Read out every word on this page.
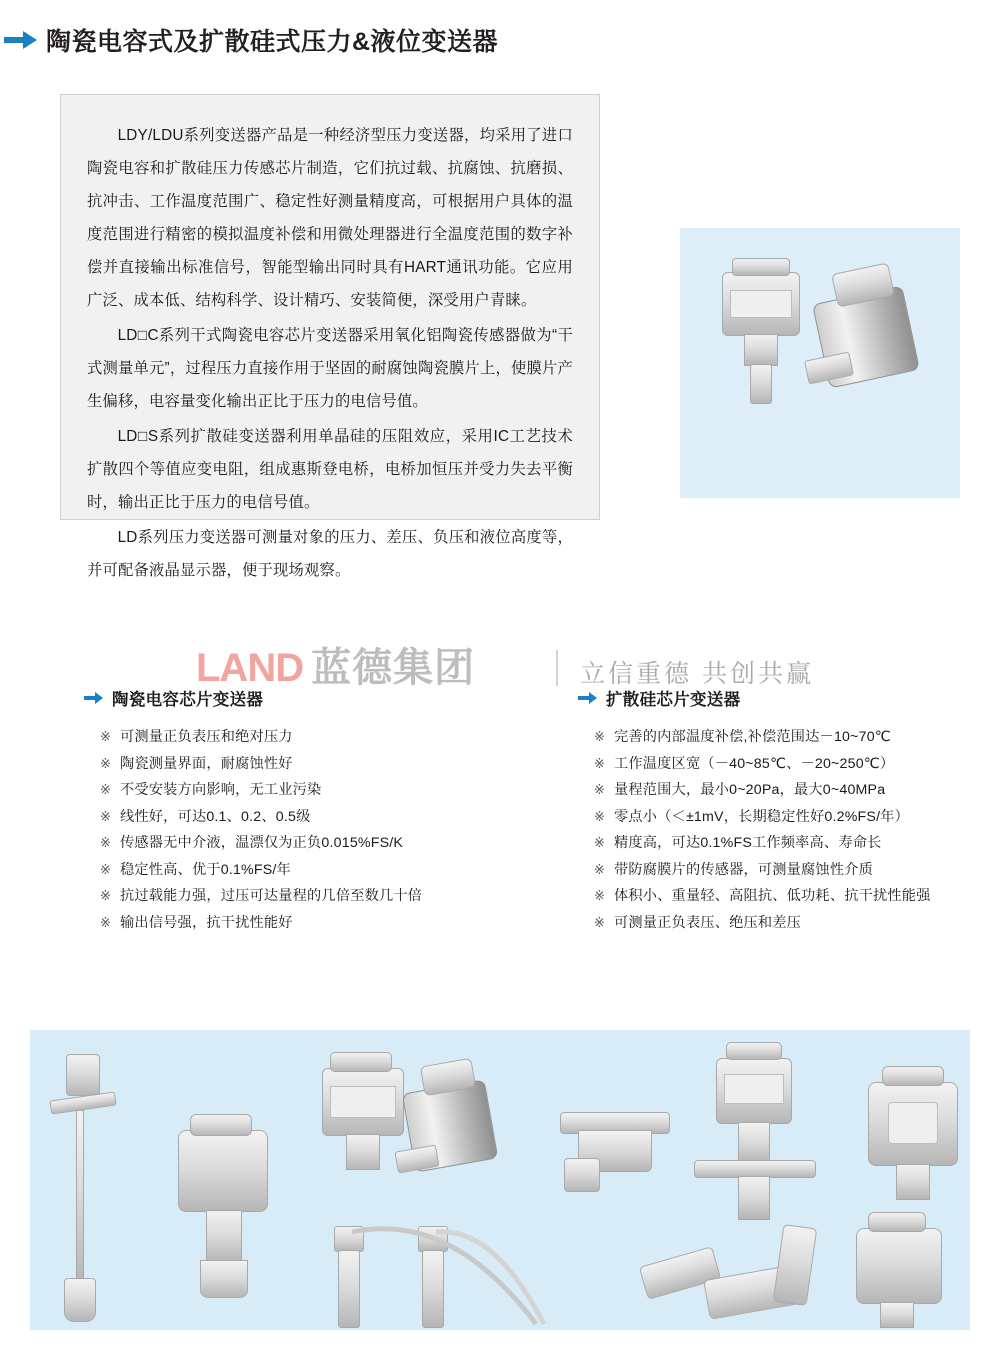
陶瓷电容式及扩散硅式压力&液位变送器

LDY/LDU系列变送器产品是一种经济型压力变送器，均采用了进口陶瓷电容和扩散硅压力传感芯片制造，它们抗过载、抗腐蚀、抗磨损、抗冲击、工作温度范围广、稳定性好测量精度高，可根据用户具体的温度范围进行精密的模拟温度补偿和用微处理器进行全温度范围的数字补偿并直接输出标准信号，智能型输出同时具有HART通讯功能。它应用广泛、成本低、结构科学、设计精巧、安装简便，深受用户青睐。

LD□C系列干式陶瓷电容芯片变送器采用氧化铝陶瓷传感器做为“干式测量单元”，过程压力直接作用于坚固的耐腐蚀陶瓷膜片上，使膜片产生偏移，电容量变化输出正比于压力的电信号值。

LD□S系列扩散硅变送器利用单晶硅的压阻效应，采用IC工艺技术扩散四个等值应变电阻，组成惠斯登电桥，电桥加恒压并受力失去平衡时，输出正比于压力的电信号值。

LD系列压力变送器可测量对象的压力、差压、负压和液位高度等，并可配备液晶显示器，便于现场观察。

LAND 蓝德集团	立信重德 共创共赢
陶瓷电容芯片变送器
※ 可测量正负表压和绝对压力
※ 陶瓷测量界面，耐腐蚀性好
※ 不受安装方向影响，无工业污染
※ 线性好，可达0.1、0.2、0.5级
※ 传感器无中介液，温漂仅为正负0.015%FS/K
※ 稳定性高、优于0.1%FS/年
※ 抗过载能力强，过压可达量程的几倍至数几十倍
※ 输出信号强，抗干扰性能好
扩散硅芯片变送器
※ 完善的内部温度补偿,补偿范围达－10~70℃
※ 工作温度区宽（－40~85℃、－20~250℃）
※ 量程范围大，最小0~20Pa，最大0~40MPa
※ 零点小（＜±1mV，长期稳定性好0.2%FS/年）
※ 精度高，可达0.1%FS工作频率高、寿命长
※ 带防腐膜片的传感器，可测量腐蚀性介质
※ 体积小、重量轻、高阻抗、低功耗、抗干扰性能强
※ 可测量正负表压、绝压和差压
